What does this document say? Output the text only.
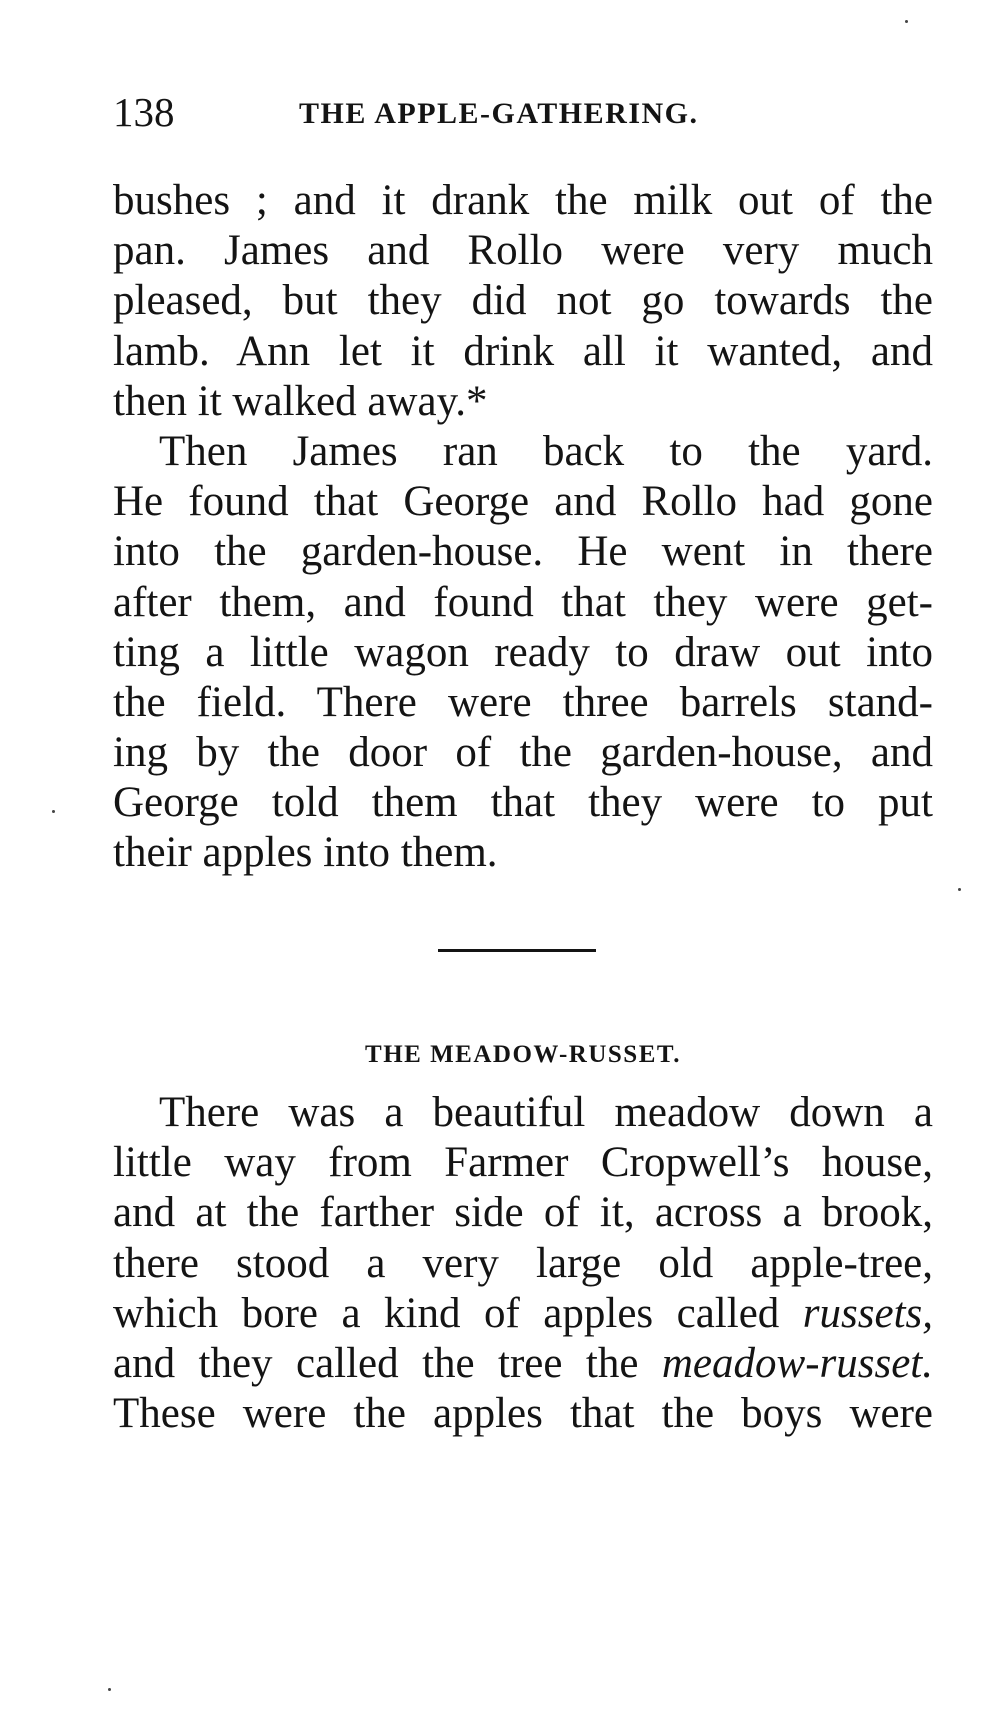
138	THE APPLE-GATHERING.
bushes ; and it drank the milk out of the
pan. James and Rollo were very much
pleased, but they did not go towards the
lamb. Ann let it drink all it wanted, and
then it walked away.*
Then James ran back to the yard.
He found that George and Rollo had gone
into the garden-house. He went in there
after them, and found that they were get-
ting a little wagon ready to draw out into
the field. There were three barrels stand-
ing by the door of the garden-house, and
George told them that they were to put
their apples into them.
THE MEADOW-RUSSET.
There was a beautiful meadow down a
little way from Farmer Cropwell’s house,
and at the farther side of it, across a brook,
there stood a very large old apple-tree,
which bore a kind of apples called russets,
and they called the tree the meadow-russet.
These were the apples that the boys were
